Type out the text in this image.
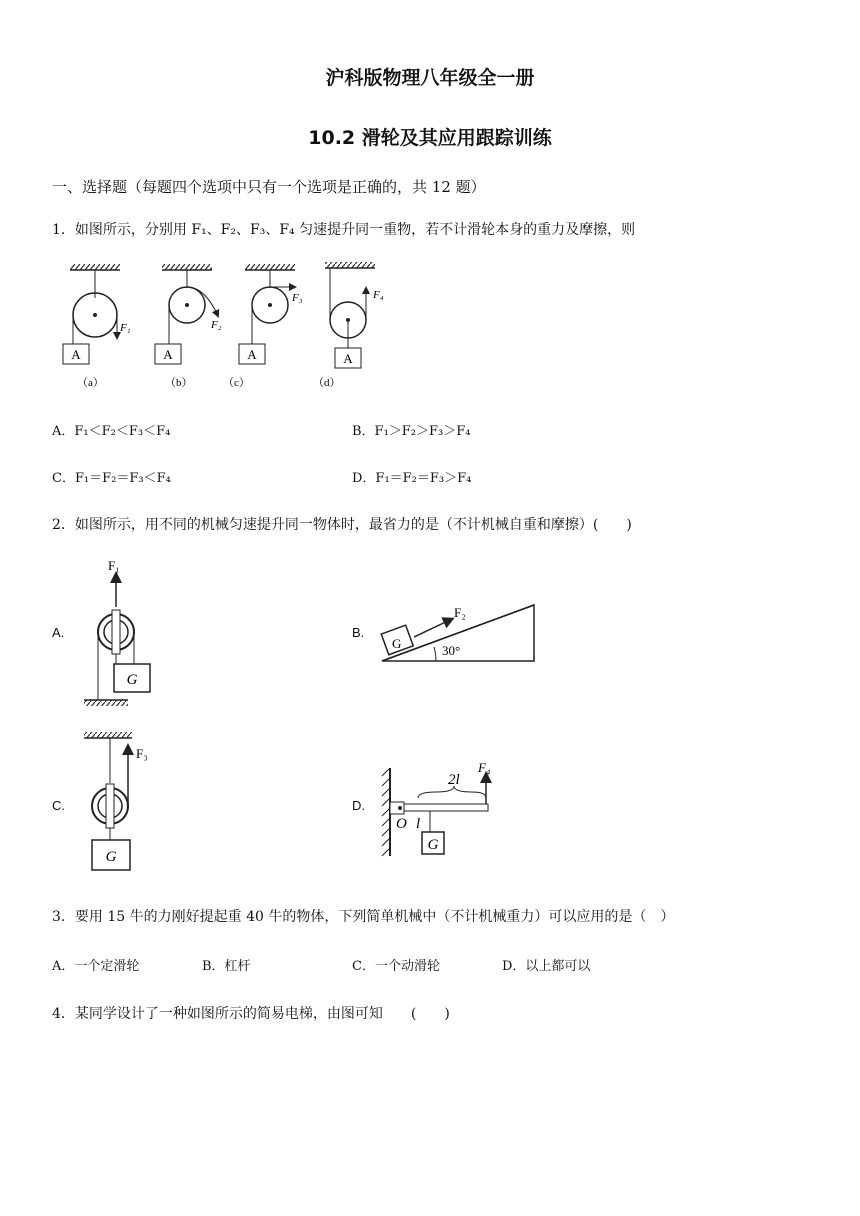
沪科版物理八年级全一册
10.2 滑轮及其应用跟踪训练
一、选择题（每题四个选项中只有一个选项是正确的，共 12 题）
1．如图所示，分别用 F₁、F₂、F₃、F₄ 匀速提升同一重物，若不计滑轮本身的重力及摩擦，则
A
F₁
（a）
A
F₂
（b）
A
F₃
（c）
A
F₄
（d）
A．F₁＜F₂＜F₃＜F₄	B．F₁＞F₂＞F₃＞F₄
C．F₁＝F₂＝F₃＜F₄	D．F₁＝F₂＝F₃＞F₄
2．如图所示，用不同的机械匀速提升同一物体时，最省力的是（不计机械自重和摩擦）(　　)
A.
F₁
G
B.
G
F₂
30°
C.
F₃
G
D.
F₄
2l
l
O
G
3．要用 15 牛的力刚好提起重 40 牛的物体，下列简单机械中（不计机械重力）可以应用的是（　）
A．一个定滑轮	B．杠杆	C．一个动滑轮	D．以上都可以
4．某同学设计了一种如图所示的简易电梯，由图可知　　(　　)
